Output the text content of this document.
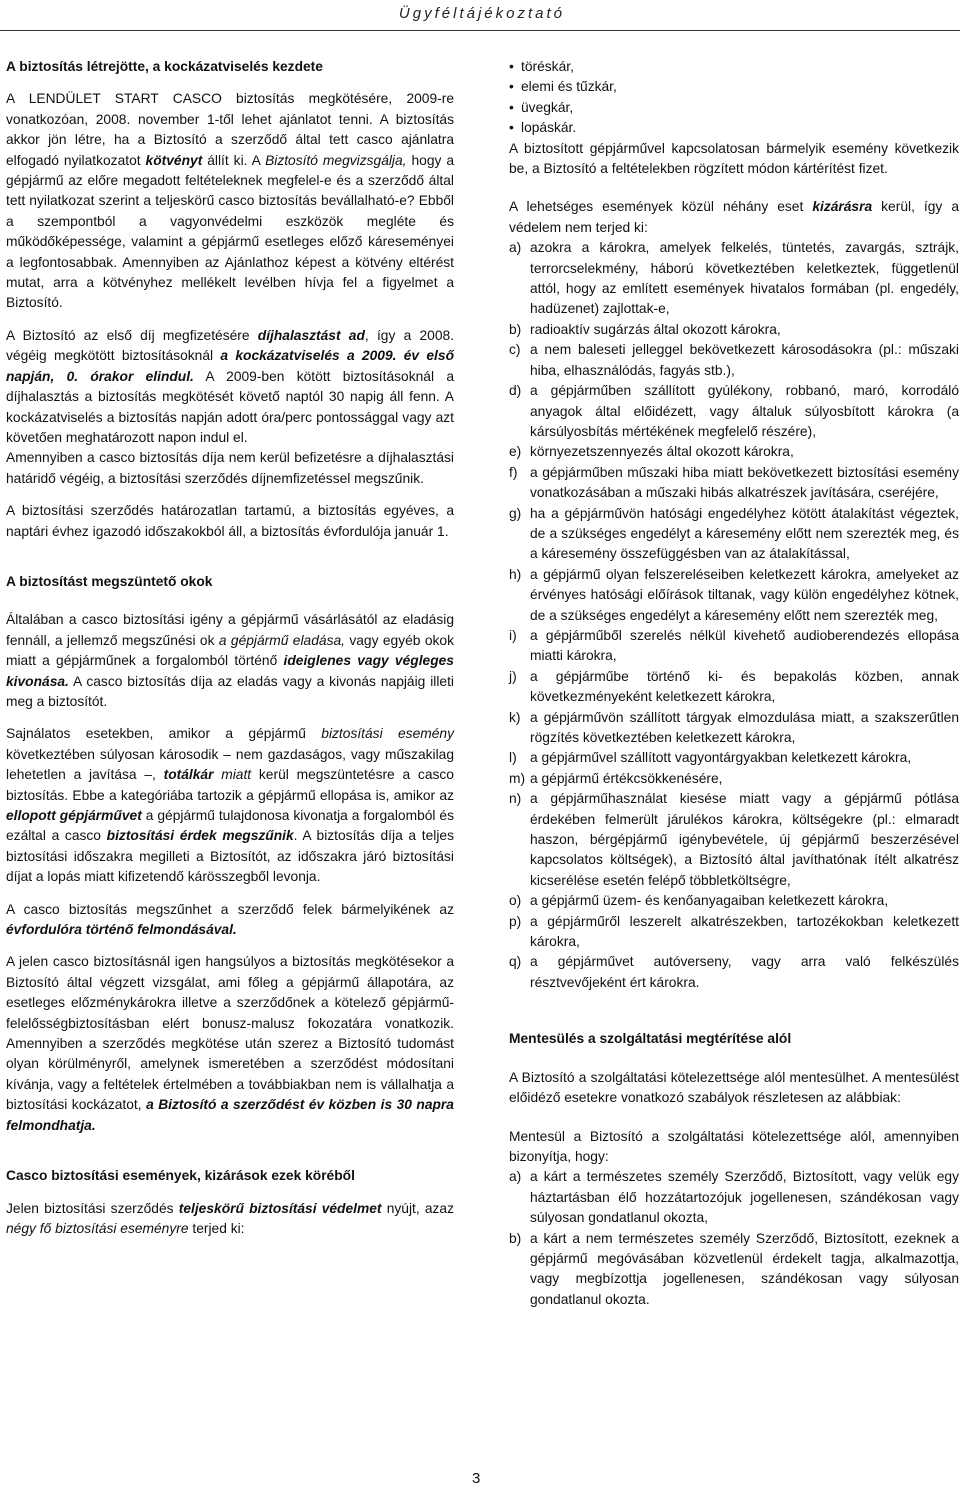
Ügyféltájékoztató

A biztosítás létrejötte, a kockázatviselés kezdete

A LENDÜLET START CASCO biztosítás megkötésére, 2009-re vonatkozóan, 2008. november 1-től lehet ajánlatot tenni. A biztosítás akkor jön létre, ha a Biztosító a szerződő által tett casco ajánlatra elfogadó nyilatkozatot kötvényt állít ki. A Biztosító megvizsgálja, hogy a gépjármű az előre megadott feltételeknek megfelel-e és a szerződő által tett nyilatkozat szerint a teljeskörű casco biztosítás bevállalható-e? Ebből a szempontból a vagyonvédelmi eszközök megléte és működőképessége, valamint a gépjármű esetleges előző káreseményei a legfontosabbak. Amennyiben az Ajánlathoz képest a kötvény eltérést mutat, arra a kötvényhez mellékelt levélben hívja fel a figyelmet a Biztosító.

A Biztosító az első díj megfizetésére díjhalasztást ad, így a 2008. végéig megkötött biztosításoknál a kockázatviselés a 2009. év első napján, 0. órakor elindul. A 2009-ben kötött biztosításoknál a díjhalasztás a biztosítás megkötését követő naptól 30 napig áll fenn. A kockázatviselés a biztosítás napján adott óra/perc pontossággal vagy azt követően meghatározott napon indul el.

Amennyiben a casco biztosítás díja nem kerül befizetésre a díjhalasztási határidő végéig, a biztosítási szerződés díjnemfizetéssel megszűnik.

A biztosítási szerződés határozatlan tartamú, a biztosítás egyéves, a naptári évhez igazodó időszakokból áll, a biztosítás évfordulója január 1.

A biztosítást megszüntető okok

Általában a casco biztosítási igény a gépjármű vásárlásától az eladásig fennáll, a jellemző megszűnési ok a gépjármű eladása, vagy egyéb okok miatt a gépjárműnek a forgalomból történő ideiglenes vagy végleges kivonása. A casco biztosítás díja az eladás vagy a kivonás napjáig illeti meg a biztosítót.

Sajnálatos esetekben, amikor a gépjármű biztosítási esemény következtében súlyosan károsodik – nem gazdaságos, vagy műszakilag lehetetlen a javítása –, totálkár miatt kerül megszüntetésre a casco biztosítás. Ebbe a kategóriába tartozik a gépjármű ellopása is, amikor az ellopott gépjárművet a gépjármű tulajdonosa kivonatja a forgalomból és ezáltal a casco biztosítási érdek megszűnik. A biztosítás díja a teljes biztosítási időszakra megilleti a Biztosítót, az időszakra járó biztosítási díjat a lopás miatt kifizetendő kárösszegből levonja.

A casco biztosítás megszűnhet a szerződő felek bármelyikének az évfordulóra történő felmondásával.

A jelen casco biztosításnál igen hangsúlyos a biztosítás megkötésekor a Biztosító által végzett vizsgálat, ami főleg a gépjármű állapotára, az esetleges előzménykárokra illetve a szerződőnek a kötelező gépjármű-felelősségbiztosításban elért bonusz-malusz fokozatára vonatkozik. Amennyiben a szerződés megkötése után szerez a Biztosító tudomást olyan körülményről, amelynek ismeretében a szerződést módosítani kívánja, vagy a feltételek értelmében a továbbiakban nem is vállalhatja a biztosítási kockázatot, a Biztosító a szerződést év közben is 30 napra felmondhatja.

Casco biztosítási események, kizárások ezek köréből

Jelen biztosítási szerződés teljeskörű biztosítási védelmet nyújt, azaz négy fő biztosítási eseményre terjed ki:

• töréskár,
• elemi és tűzkár,
• üvegkár,
• lopáskár.

A biztosított gépjárművel kapcsolatosan bármelyik esemény következik be, a Biztosító a feltételekben rögzített módon kártérítést fizet.

A lehetséges események közül néhány eset kizárásra kerül, így a védelem nem terjed ki:

a) azokra a károkra, amelyek felkelés, tüntetés, zavargás, sztrájk, terrorcselekmény, háború következtében keletkeztek, függetlenül attól, hogy az említett események hivatalos formában (pl. engedély, hadüzenet) zajlottak-e,
b) radioaktív sugárzás által okozott károkra,
c) a nem baleseti jelleggel bekövetkezett károsodásokra (pl.: műszaki hiba, elhasználódás, fagyás stb.),
d) a gépjárműben szállított gyúlékony, robbanó, maró, korrodáló anyagok által előidézett, vagy általuk súlyosbított károkra (a kársúlyosbítás mértékének megfelelő részére),
e) környezetszennyezés által okozott károkra,
f) a gépjárműben műszaki hiba miatt bekövetkezett biztosítási esemény vonatkozásában a műszaki hibás alkatrészek javítására, cseréjére,
g) ha a gépjárművön hatósági engedélyhez kötött átalakítást végeztek, de a szükséges engedélyt a káresemény előtt nem szerezték meg, és a káresemény összefüggésben van az átalakítással,
h) a gépjármű olyan felszereléseiben keletkezett károkra, amelyeket az érvényes hatósági előírások tiltanak, vagy külön engedélyhez kötnek, de a szükséges engedélyt a káresemény előtt nem szerezték meg,
i) a gépjárműből szerelés nélkül kivehető audioberendezés ellopása miatti károkra,
j) a gépjárműbe történő ki- és bepakolás közben, annak következményeként keletkezett károkra,
k) a gépjárművön szállított tárgyak elmozdulása miatt, a szakszerűtlen rögzítés következtében keletkezett károkra,
l) a gépjárművel szállított vagyontárgyakban keletkezett károkra,
m) a gépjármű értékcsökkenésére,
n) a gépjárműhasználat kiesése miatt vagy a gépjármű pótlása érdekében felmerült járulékos károkra, költségekre (pl.: elmaradt haszon, bérgépjármű igénybevétele, új gépjármű beszerzésével kapcsolatos költségek), a Biztosító által javíthatónak ítélt alkatrész kicserélése esetén felépő többletköltségre,
o) a gépjármű üzem- és kenőanyagaiban keletkezett károkra,
p) a gépjárműről leszerelt alkatrészekben, tartozékokban keletkezett károkra,
q) a gépjárművet autóverseny, vagy arra való felkészülés résztvevőjeként ért károkra.

Mentesülés a szolgáltatási megtérítése alól

A Biztosító a szolgáltatási kötelezettsége alól mentesülhet. A mentesülést előidéző esetekre vonatkozó szabályok részletesen az alábbiak:

Mentesül a Biztosító a szolgáltatási kötelezettsége alól, amennyiben bizonyítja, hogy:

a) a kárt a természetes személy Szerződő, Biztosított, vagy velük egy háztartásban élő hozzátartozójuk jogellenesen, szándékosan vagy súlyosan gondatlanul okozta,
b) a kárt a nem természetes személy Szerződő, Biztosított, ezeknek a gépjármű megóvásában közvetlenül érdekelt tagja, alkalmazottja, vagy megbízottja jogellenesen, szándékosan vagy súlyosan gondatlanul okozta.
3
